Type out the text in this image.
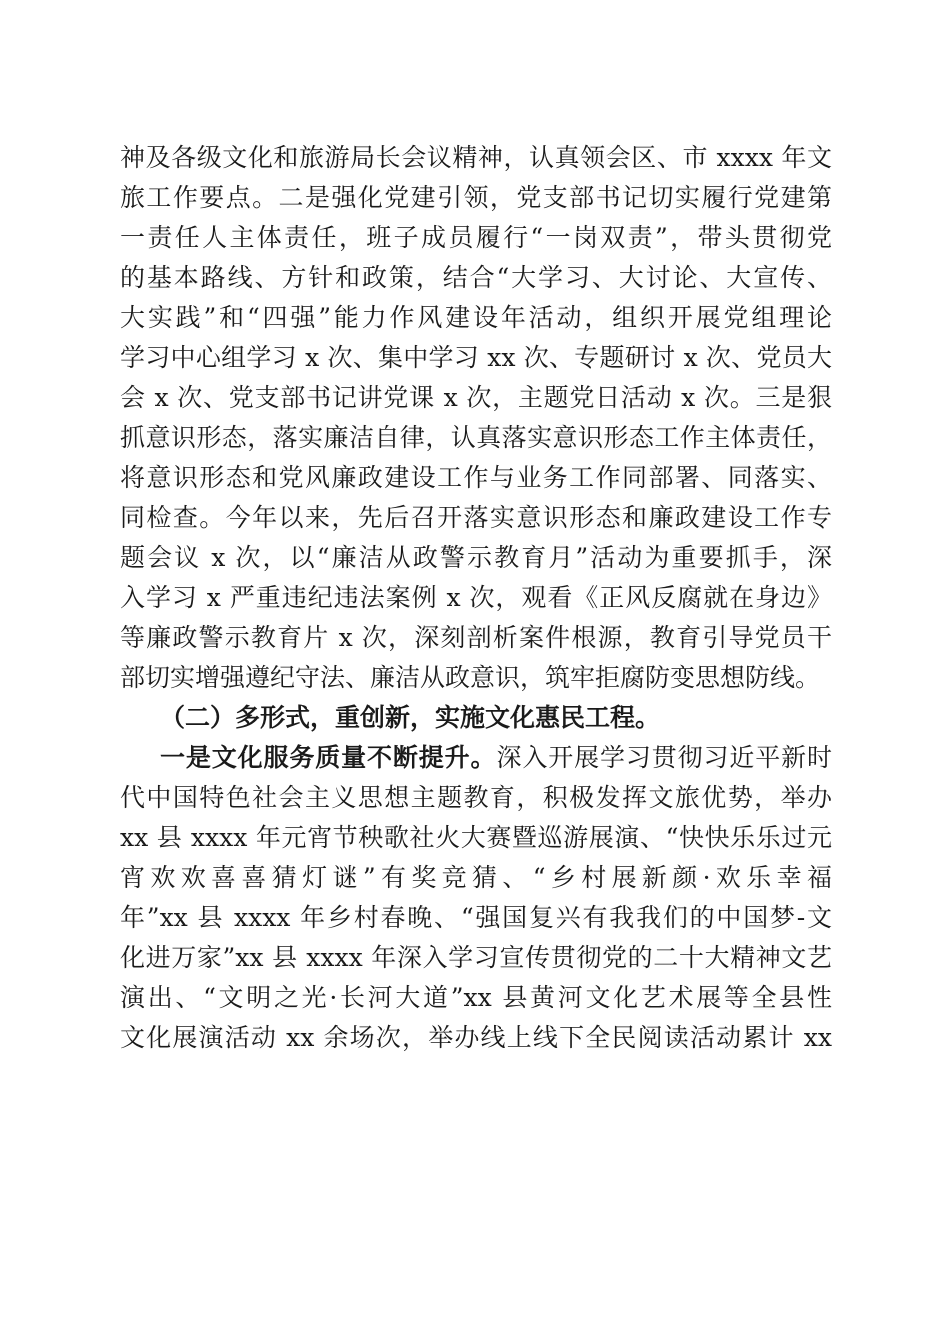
神及各级文化和旅游局长会议精神，认真领会区、市 xxxx 年文
旅工作要点。二是强化党建引领，党支部书记切实履行党建第
一责任人主体责任，班子成员履行“一岗双责”，带头贯彻党
的基本路线、方针和政策，结合“大学习、大讨论、大宣传、
大实践”和“四强”能力作风建设年活动，组织开展党组理论
学习中心组学习 x 次、集中学习 xx 次、专题研讨 x 次、党员大
会 x 次、党支部书记讲党课 x 次，主题党日活动 x 次。三是狠
抓意识形态，落实廉洁自律，认真落实意识形态工作主体责任，
将意识形态和党风廉政建设工作与业务工作同部署、同落实、
同检查。今年以来，先后召开落实意识形态和廉政建设工作专
题会议 x 次，以“廉洁从政警示教育月”活动为重要抓手，深
入学习 x 严重违纪违法案例 x 次，观看《正风反腐就在身边》
等廉政警示教育片 x 次，深刻剖析案件根源，教育引导党员干
部切实增强遵纪守法、廉洁从政意识，筑牢拒腐防变思想防线。
（二）多形式，重创新，实施文化惠民工程。
一是文化服务质量不断提升。深入开展学习贯彻习近平新时
代中国特色社会主义思想主题教育，积极发挥文旅优势，举办
xx 县 xxxx 年元宵节秧歌社火大赛暨巡游展演、“快快乐乐过元
宵欢欢喜喜猜灯谜”有奖竞猜、“乡村展新颜·欢乐幸福
年”xx 县 xxxx 年乡村春晚、“强国复兴有我我们的中国梦-文
化进万家”xx 县 xxxx 年深入学习宣传贯彻党的二十大精神文艺
演出、“文明之光·长河大道”xx 县黄河文化艺术展等全县性
文化展演活动 xx 余场次，举办线上线下全民阅读活动累计 xx
